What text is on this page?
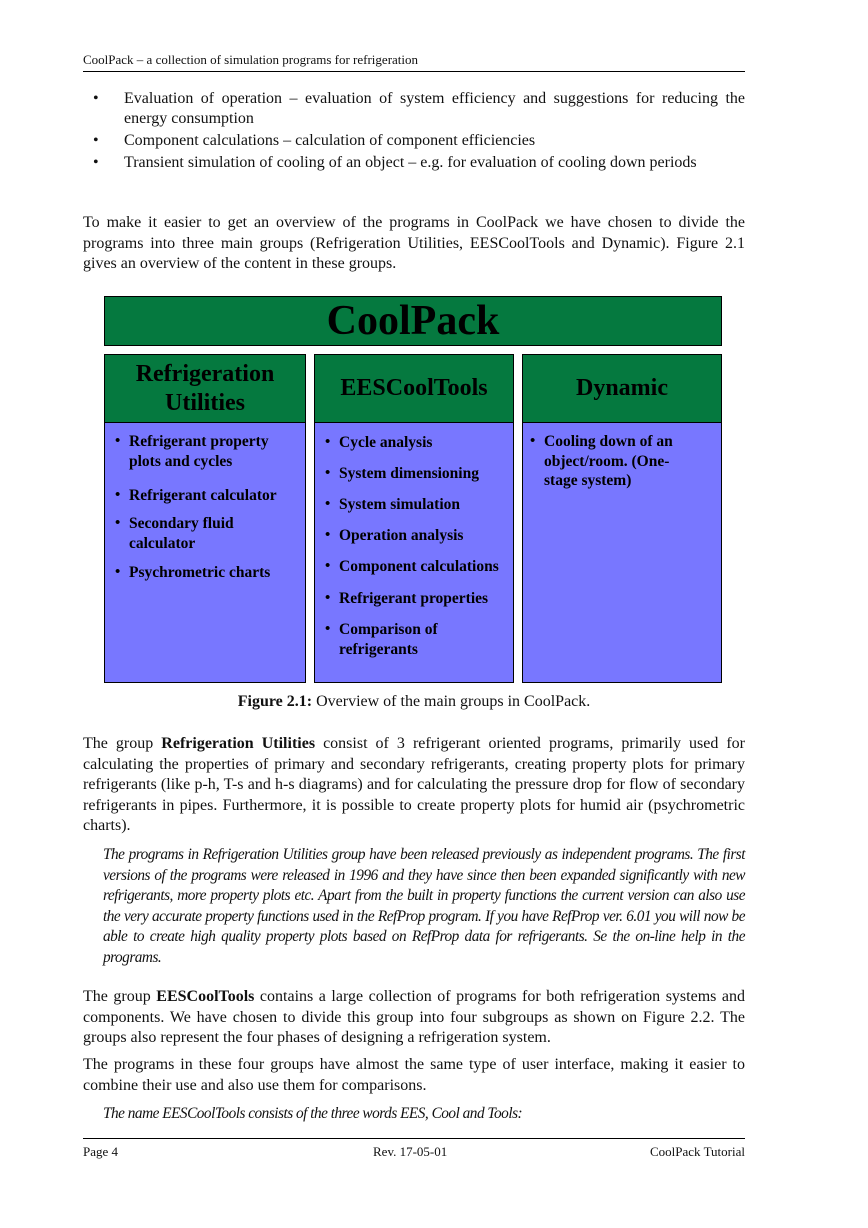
CoolPack – a collection of simulation programs for refrigeration
• Evaluation of operation – evaluation of system efficiency and suggestions for reducing the energy consumption
• Component calculations – calculation of component efficiencies
• Transient simulation of cooling of an object – e.g. for evaluation of cooling down periods

To make it easier to get an overview of the programs in CoolPack we have chosen to divide the programs into three main groups (Refrigeration Utilities, EESCoolTools and Dynamic). Figure 2.1 gives an overview of the content in these groups.

CoolPack
Refrigeration Utilities
• Refrigerant property plots and cycles
• Refrigerant calculator
• Secondary fluid calculator
• Psychrometric charts
EESCoolTools
• Cycle analysis
• System dimensioning
• System simulation
• Operation analysis
• Component calculations
• Refrigerant properties
• Comparison of refrigerants
Dynamic
• Cooling down of an object/room. (One-stage system)
Figure 2.1: Overview of the main groups in CoolPack.

The group Refrigeration Utilities consist of 3 refrigerant oriented programs, primarily used for calculating the properties of primary and secondary refrigerants, creating property plots for primary refrigerants (like p-h, T-s and h-s diagrams) and for calculating the pressure drop for flow of secondary refrigerants in pipes. Furthermore, it is possible to create property plots for humid air (psychrometric charts).

The programs in Refrigeration Utilities group have been released previously as independent programs. The first versions of the programs were released in 1996 and they have since then been expanded significantly with new refrigerants, more property plots etc. Apart from the built in property functions the current version can also use the very accurate property functions used in the RefProp program. If you have RefProp ver. 6.01 you will now be able to create high quality property plots based on RefProp data for refrigerants. Se the on-line help in the programs.

The group EESCoolTools contains a large collection of programs for both refrigeration systems and components. We have chosen to divide this group into four subgroups as shown on Figure 2.2. The groups also represent the four phases of designing a refrigeration system.

The programs in these four groups have almost the same type of user interface, making it easier to combine their use and also use them for comparisons.

The name EESCoolTools consists of the three words EES, Cool and Tools:

Page 4	Rev. 17-05-01	CoolPack Tutorial
